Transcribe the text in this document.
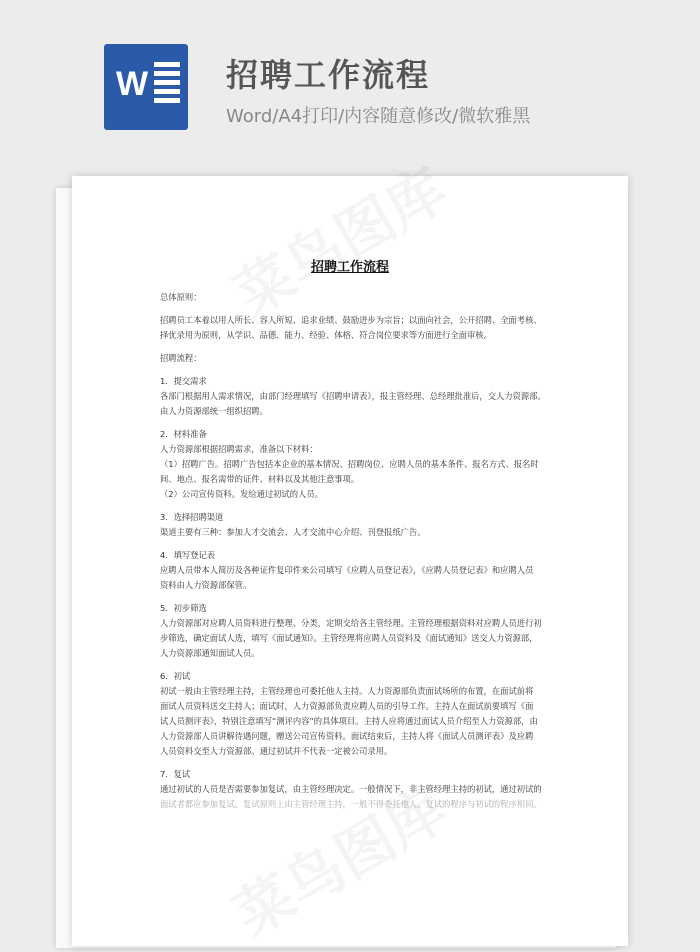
W 招聘工作流程
Word/A4打印/内容随意修改/微软雅黑
招聘工作流程
总体原则：
招聘员工本着以用人所长、容人所短、追求业绩、鼓励进步为宗旨；以面向社会，公开招聘、全面考核、
择优录用为原则，从学识、品德、能力、经验、体格、符合岗位要求等方面进行全面审核。
招聘流程：
1．提交需求
各部门根据用人需求情况，由部门经理填写《招聘申请表》，报主管经理、总经理批准后，交人力资源部。
由人力资源部统一组织招聘。
2．材料准备
人力资源部根据招聘需求，准备以下材料：
（1）招聘广告。招聘广告包括本企业的基本情况、招聘岗位、应聘人员的基本条件、报名方式、报名时
间、地点、报名需带的证件、材料以及其他注意事项。
（2）公司宣传资料。发给通过初试的人员。
3．选择招聘渠道
渠道主要有三种：参加人才交流会、人才交流中心介绍、刊登报纸广告。
4．填写登记表
应聘人员带本人简历及各种证件复印件来公司填写《应聘人员登记表》，《应聘人员登记表》和应聘人员
资料由人力资源部保管。
5．初步筛选
人力资源部对应聘人员资料进行整理、分类，定期交给各主管经理。主管经理根据资料对应聘人员进行初
步筛选，确定面试人选，填写《面试通知》。主管经理将应聘人员资料及《面试通知》送交人力资源部，
人力资源部通知面试人员。
6．初试
初试一般由主管经理主持，主管经理也可委托他人主持。人力资源部负责面试场所的布置，在面试前将
面试人员资料送交主持人；面试时，人力资源部负责应聘人员的引导工作。主持人在面试前要填写《面
试人员测评表》，特别注意填写“测评内容”的具体项目。主持人应将通过面试人员介绍至人力资源部，由
人力资源部人员讲解待遇问题，赠送公司宣传资料。面试结束后，主持人将《面试人员测评表》及应聘
人员资料交至人力资源部。通过初试并不代表一定被公司录用。
7．复试
通过初试的人员是否需要参加复试，由主管经理决定。一般情况下，非主管经理主持的初试，通过初试的
面试者都应参加复试。复试原则上由主管经理主持，一般不得委托他人。复试的程序与初试的程序相同。
